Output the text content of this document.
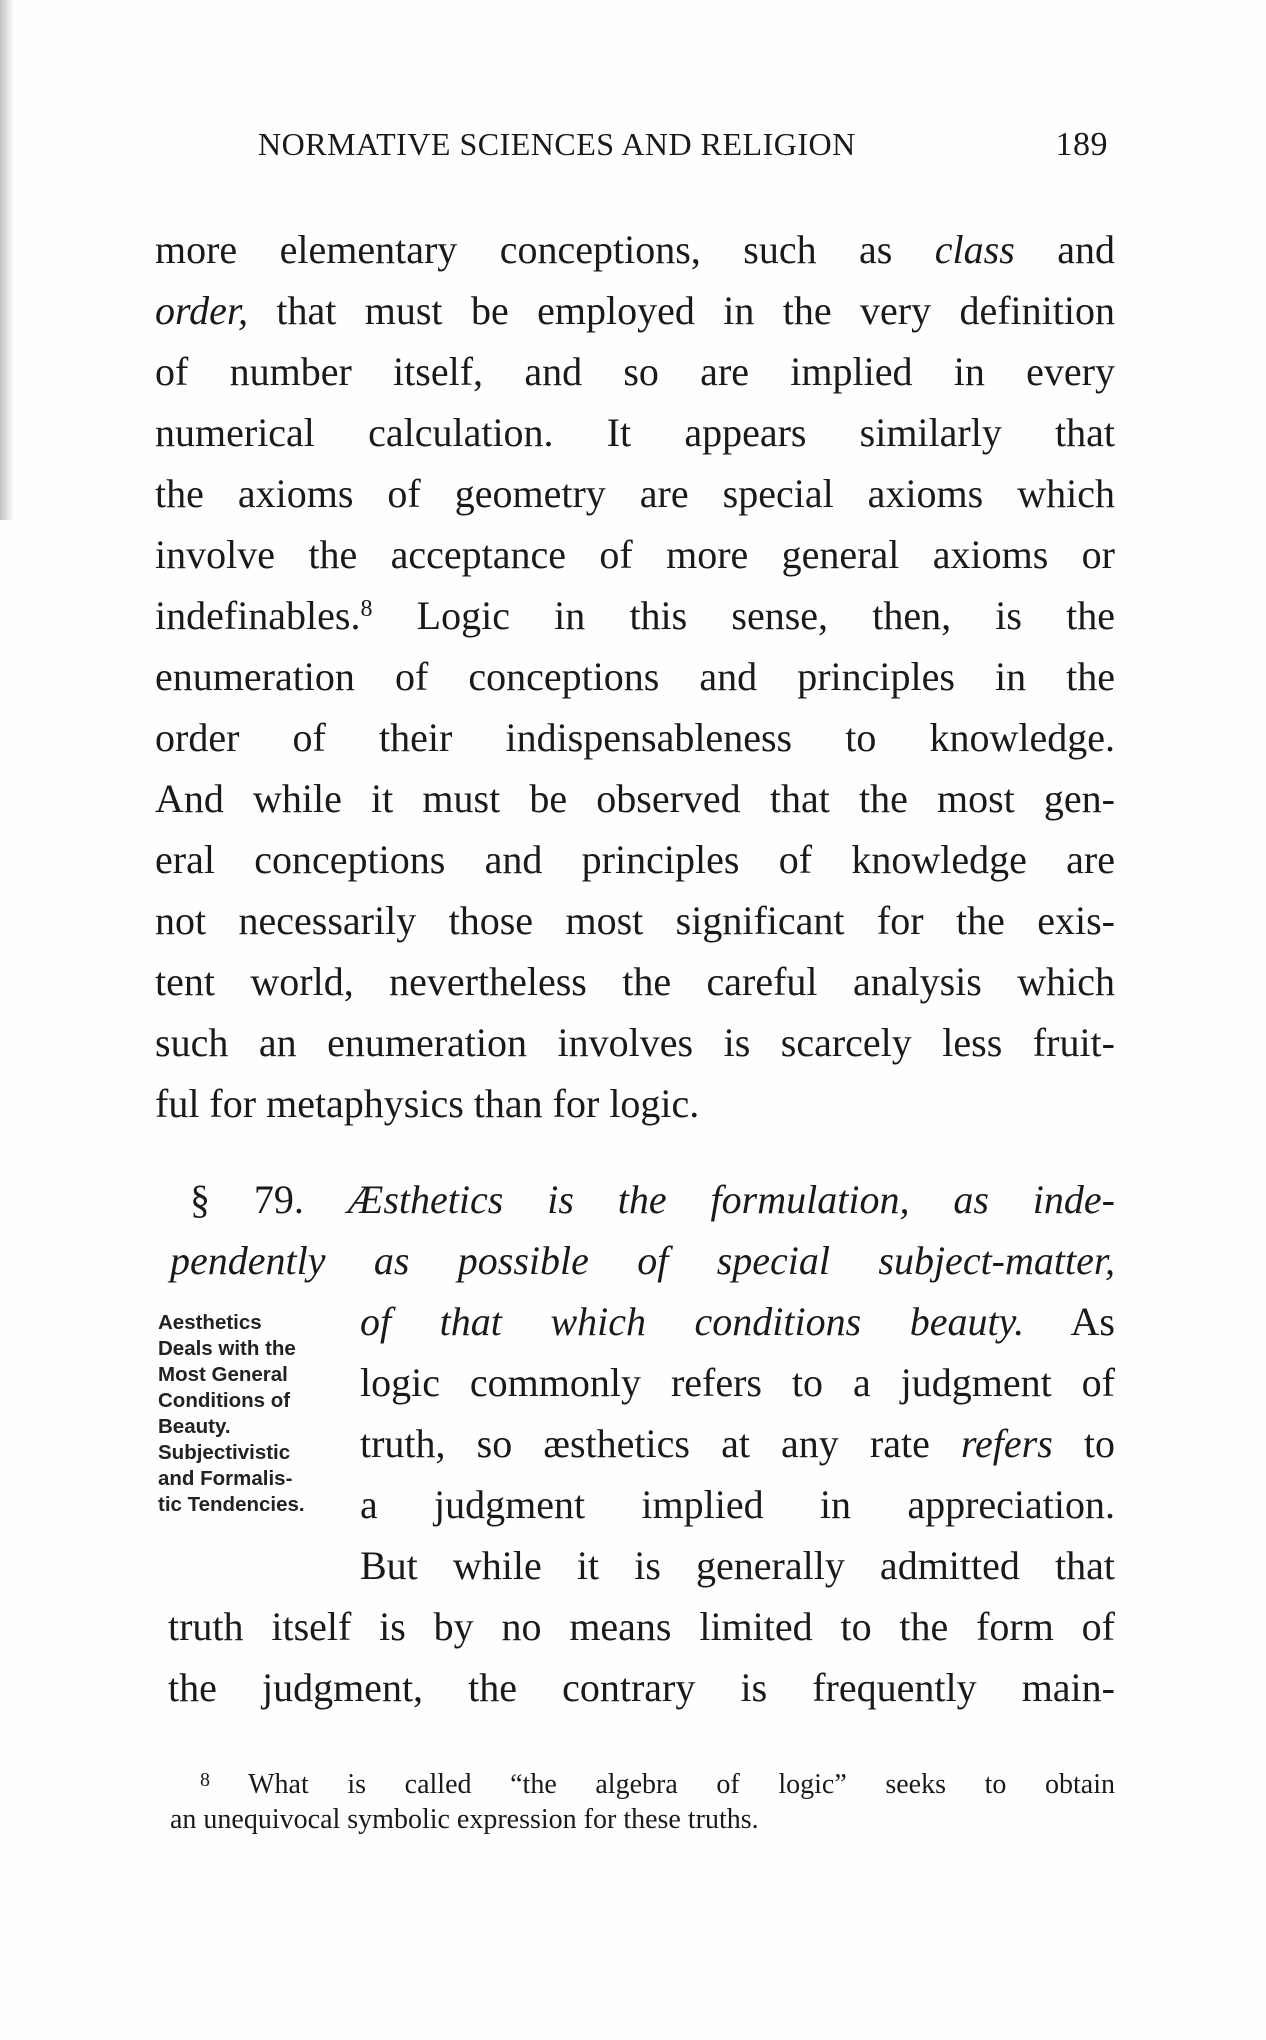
NORMATIVE SCIENCES AND RELIGION	189
more elementary conceptions, such as class and
order, that must be employed in the very definition
of number itself, and so are implied in every
numerical calculation. It appears similarly that
the axioms of geometry are special axioms which
involve the acceptance of more general axioms or
indefinables.$^8$ Logic in this sense, then, is the
enumeration of conceptions and principles in the
order of their indispensableness to knowledge.
And while it must be observed that the most gen-
eral conceptions and principles of knowledge are
not necessarily those most significant for the exis-
tent world, nevertheless the careful analysis which
such an enumeration involves is scarcely less fruit-
ful for metaphysics than for logic.
§ 79. Æsthetics is the formulation, as inde-
pendently as possible of special subject-matter,
of that which conditions beauty. As
logic commonly refers to a judgment of
truth, so æsthetics at any rate refers to
a judgment implied in appreciation.
But while it is generally admitted that
truth itself is by no means limited to the form of
the judgment, the contrary is frequently main-
Aesthetics
Deals with the
Most General
Conditions of
Beauty.
Subjectivistic
and Formalis-
tic Tendencies.
$^8$ What is called “the algebra of logic” seeks to obtain
an unequivocal symbolic expression for these truths.
